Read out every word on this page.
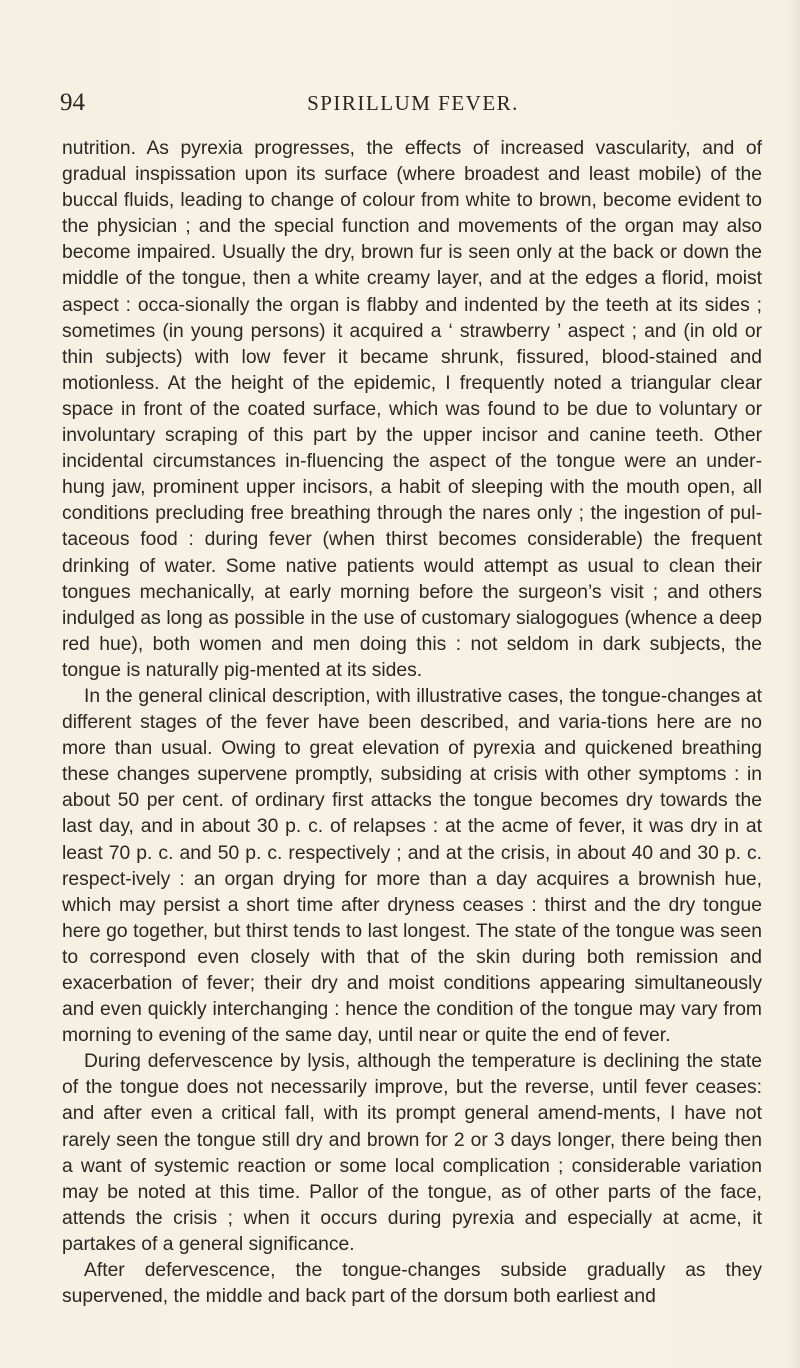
94	SPIRILLUM FEVER.

nutrition. As pyrexia progresses, the effects of increased vascularity, and of gradual inspissation upon its surface (where broadest and least mobile) of the buccal fluids, leading to change of colour from white to brown, become evident to the physician ; and the special function and movements of the organ may also become impaired. Usually the dry, brown fur is seen only at the back or down the middle of the tongue, then a white creamy layer, and at the edges a florid, moist aspect : occa-sionally the organ is flabby and indented by the teeth at its sides ; sometimes (in young persons) it acquired a ‘ strawberry ’ aspect ; and (in old or thin subjects) with low fever it became shrunk, fissured, blood-stained and motionless. At the height of the epidemic, I frequently noted a triangular clear space in front of the coated surface, which was found to be due to voluntary or involuntary scraping of this part by the upper incisor and canine teeth. Other incidental circumstances in-fluencing the aspect of the tongue were an under-hung jaw, prominent upper incisors, a habit of sleeping with the mouth open, all conditions precluding free breathing through the nares only ; the ingestion of pul-taceous food : during fever (when thirst becomes considerable) the frequent drinking of water. Some native patients would attempt as usual to clean their tongues mechanically, at early morning before the surgeon’s visit ; and others indulged as long as possible in the use of customary sialogogues (whence a deep red hue), both women and men doing this : not seldom in dark subjects, the tongue is naturally pig-mented at its sides.

In the general clinical description, with illustrative cases, the tongue-changes at different stages of the fever have been described, and varia-tions here are no more than usual. Owing to great elevation of pyrexia and quickened breathing these changes supervene promptly, subsiding at crisis with other symptoms : in about 50 per cent. of ordinary first attacks the tongue becomes dry towards the last day, and in about 30 p. c. of relapses : at the acme of fever, it was dry in at least 70 p. c. and 50 p. c. respectively ; and at the crisis, in about 40 and 30 p. c. respect-ively : an organ drying for more than a day acquires a brownish hue, which may persist a short time after dryness ceases : thirst and the dry tongue here go together, but thirst tends to last longest. The state of the tongue was seen to correspond even closely with that of the skin during both remission and exacerbation of fever; their dry and moist conditions appearing simultaneously and even quickly interchanging : hence the condition of the tongue may vary from morning to evening of the same day, until near or quite the end of fever.

During defervescence by lysis, although the temperature is declining the state of the tongue does not necessarily improve, but the reverse, until fever ceases: and after even a critical fall, with its prompt general amend-ments, I have not rarely seen the tongue still dry and brown for 2 or 3 days longer, there being then a want of systemic reaction or some local complication ; considerable variation may be noted at this time. Pallor of the tongue, as of other parts of the face, attends the crisis ; when it occurs during pyrexia and especially at acme, it partakes of a general significance.

After defervescence, the tongue-changes subside gradually as they supervened, the middle and back part of the dorsum both earliest and
